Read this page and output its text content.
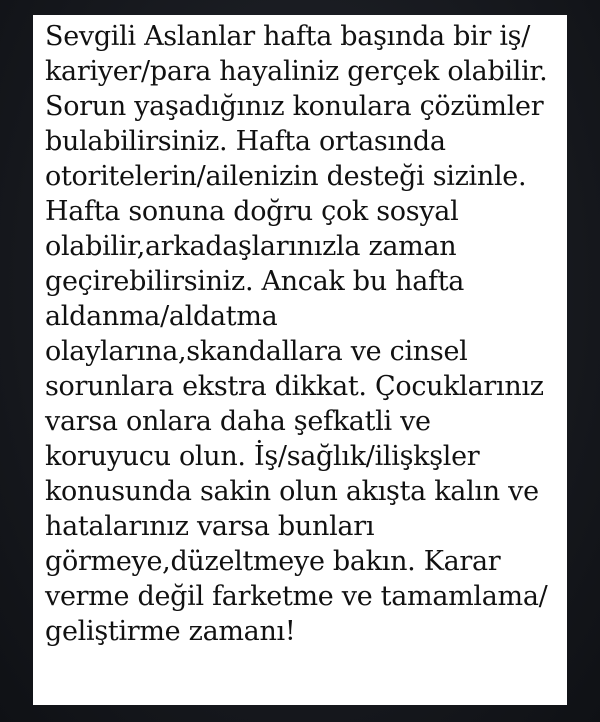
Sevgili Aslanlar hafta başında bir iş/
kariyer/para hayaliniz gerçek olabilir.
Sorun yaşadığınız konulara çözümler
bulabilirsiniz. Hafta ortasında
otoritelerin/ailenizin desteği sizinle.
Hafta sonuna doğru çok sosyal
olabilir,arkadaşlarınızla zaman
geçirebilirsiniz. Ancak bu hafta
aldanma/aldatma
olaylarına,skandallara ve cinsel
sorunlara ekstra dikkat. Çocuklarınız
varsa onlara daha şefkatli ve
koruyucu olun. İş/sağlık/ilişkşler
konusunda sakin olun akışta kalın ve
hatalarınız varsa bunları
görmeye,düzeltmeye bakın. Karar
verme değil farketme ve tamamlama/
geliştirme zamanı!
